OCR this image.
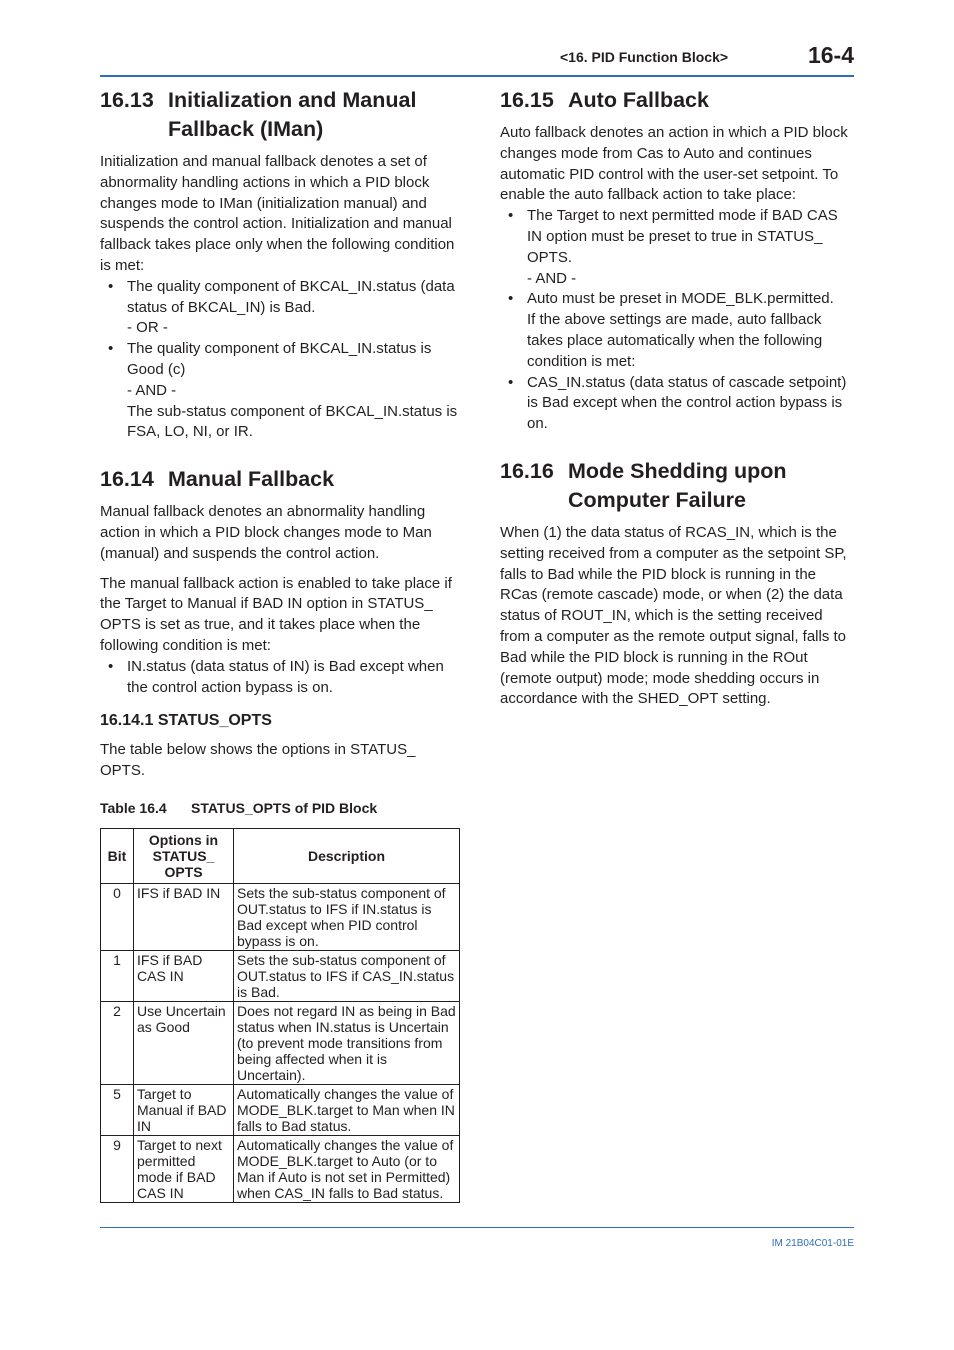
<16. PID Function Block>	16-4
16.13 Initialization and Manual Fallback (IMan)

Initialization and manual fallback denotes a set of abnormality handling actions in which a PID block changes mode to IMan (initialization manual) and suspends the control action. Initialization and manual fallback takes place only when the following condition is met:

• The quality component of BKCAL_IN.status (data status of BKCAL_IN) is Bad.
- OR -
• The quality component of BKCAL_IN.status is Good (c)
- AND -
The sub-status component of BKCAL_IN.status is FSA, LO, NI, or IR.
16.14 Manual Fallback

Manual fallback denotes an abnormality handling action in which a PID block changes mode to Man (manual) and suspends the control action.

The manual fallback action is enabled to take place if the Target to Manual if BAD IN option in STATUS_ OPTS is set as true, and it takes place when the following condition is met:

• IN.status (data status of IN) is Bad except when the control action bypass is on.
16.14.1 STATUS_OPTS

The table below shows the options in STATUS_ OPTS.

Table 16.4	STATUS_OPTS of PID Block
Bit	Options in STATUS_ OPTS	Description
0	IFS if BAD IN	Sets the sub-status component of OUT.status to IFS if IN.status is Bad except when PID control bypass is on.
1	IFS if BAD CAS IN	Sets the sub-status component of OUT.status to IFS if CAS_IN.status is Bad.
2	Use Uncertain as Good	Does not regard IN as being in Bad status when IN.status is Uncertain (to prevent mode transitions from being affected when it is Uncertain).
5	Target to Manual if BAD IN	Automatically changes the value of MODE_BLK.target to Man when IN falls to Bad status.
9	Target to next permitted mode if BAD CAS IN	Automatically changes the value of MODE_BLK.target to Auto (or to Man if Auto is not set in Permitted) when CAS_IN falls to Bad status.
16.15 Auto Fallback

Auto fallback denotes an action in which a PID block changes mode from Cas to Auto and continues automatic PID control with the user-set setpoint. To enable the auto fallback action to take place:

• The Target to next permitted mode if BAD CAS IN option must be preset to true in STATUS_ OPTS.
- AND -
• Auto must be preset in MODE_BLK.permitted.
If the above settings are made, auto fallback takes place automatically when the following condition is met:
• CAS_IN.status (data status of cascade setpoint) is Bad except when the control action bypass is on.
16.16 Mode Shedding upon Computer Failure

When (1) the data status of RCAS_IN, which is the setting received from a computer as the setpoint SP, falls to Bad while the PID block is running in the RCas (remote cascade) mode, or when (2) the data status of ROUT_IN, which is the setting received from a computer as the remote output signal, falls to Bad while the PID block is running in the ROut (remote output) mode; mode shedding occurs in accordance with the SHED_OPT setting.

IM 21B04C01-01E
